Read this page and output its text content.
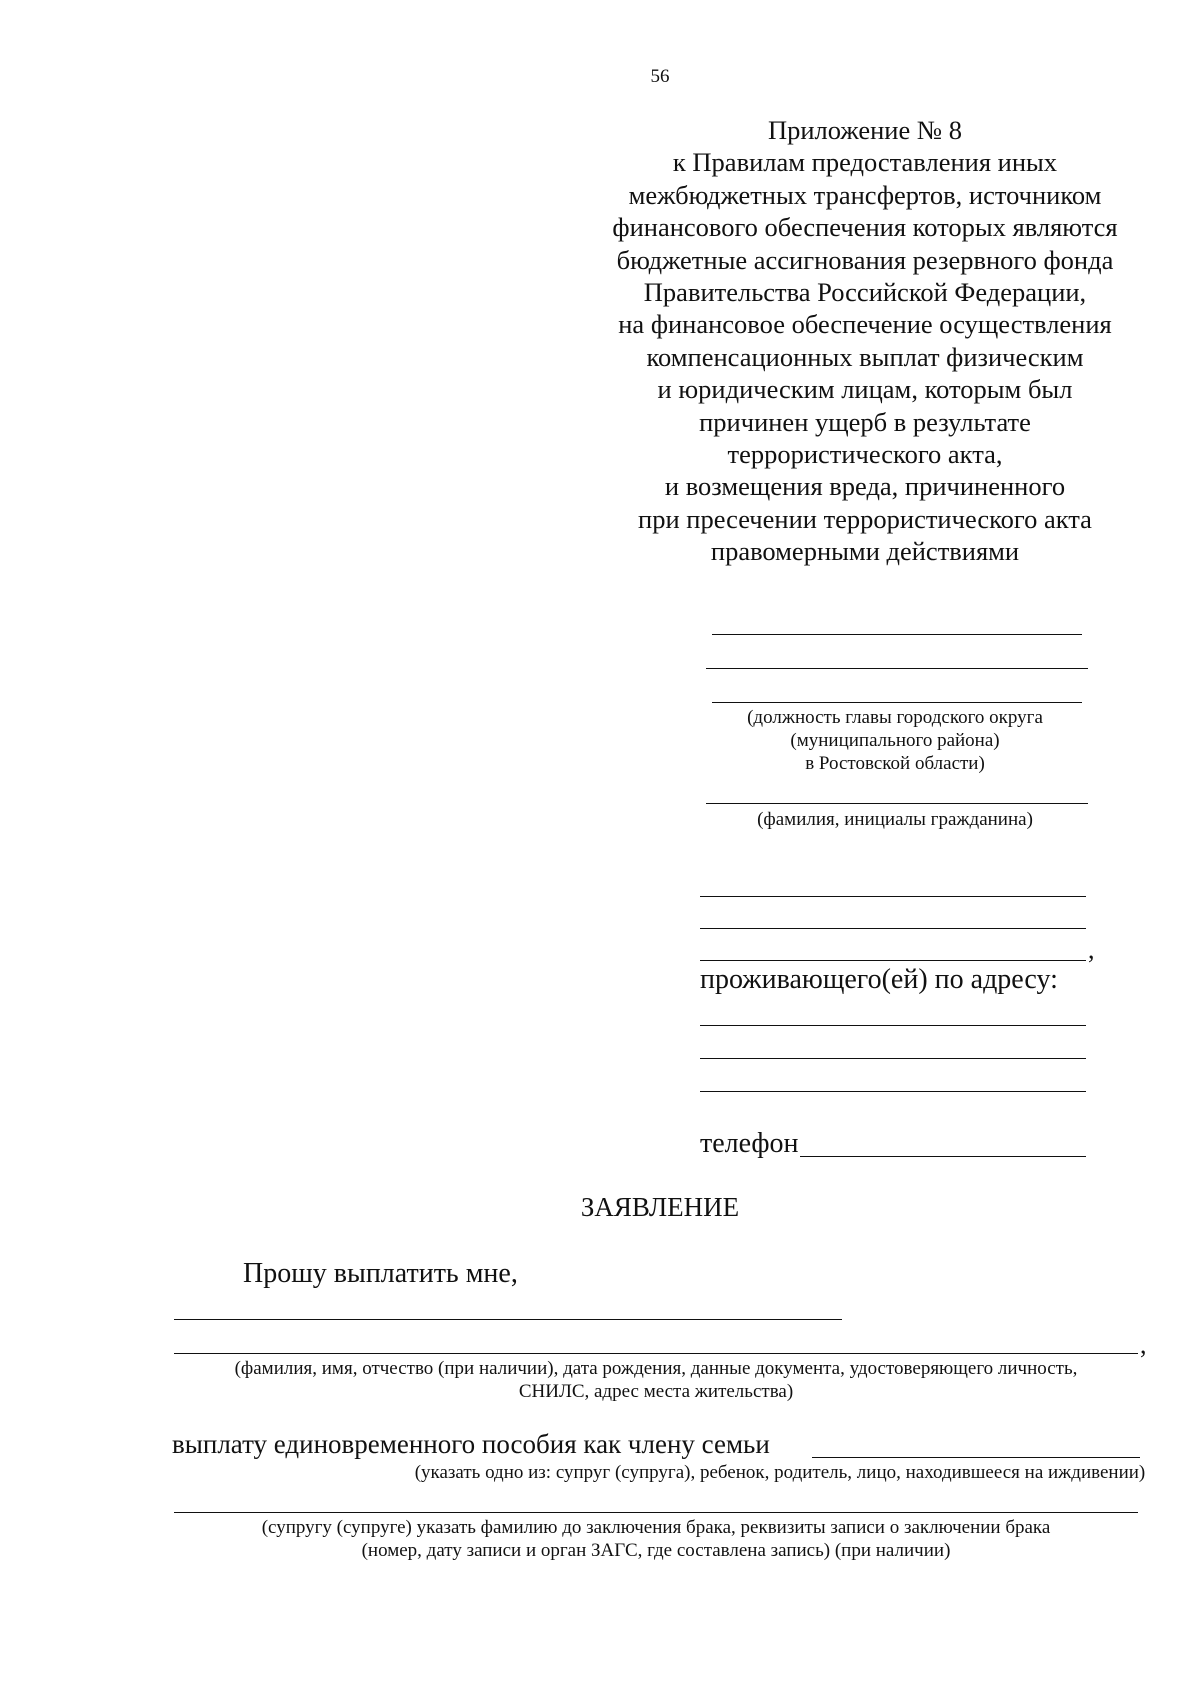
56
Приложение № 8
к Правилам предоставления иных
межбюджетных трансфертов, источником
финансового обеспечения которых являются
бюджетные ассигнования резервного фонда
Правительства Российской Федерации,
на финансовое обеспечение осуществления
компенсационных выплат физическим
и юридическим лицам, которым был
причинен ущерб в результате
террористического акта,
и возмещения вреда, причиненного
при пресечении террористического акта
правомерными действиями
(должность главы городского округа
(муниципального района)
в Ростовской области)
(фамилия, инициалы гражданина)
,
проживающего(ей) по адресу:
телефон
ЗАЯВЛЕНИЕ
Прошу выплатить мне,
,
(фамилия, имя, отчество (при наличии), дата рождения, данные документа, удостоверяющего личность,
СНИЛС, адрес места жительства)
выплату единовременного пособия как члену семьи
(указать одно из: супруг (супруга), ребенок, родитель, лицо, находившееся на иждивении)
(супругу (супруге) указать фамилию до заключения брака, реквизиты записи о заключении брака
(номер, дату записи и орган ЗАГС, где составлена запись) (при наличии)
